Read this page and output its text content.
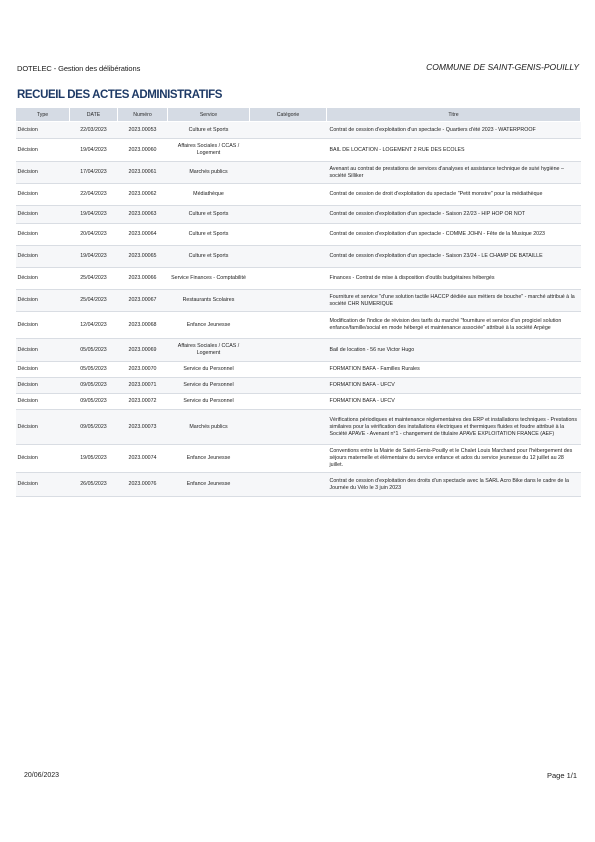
DOTELEC - Gestion des délibérations	COMMUNE DE SAINT-GENIS-POUILLY
RECUEIL DES ACTES ADMINISTRATIFS
Type	DATE	Numéro	Service	Catégorie	Titre
Décision	22/03/2023	2023.00053	Culture et Sports		Contrat de cession d'exploitation d'un spectacle - Quartiers d'été 2023 - WATERPROOF
Décision	19/04/2023	2023.00060	Affaires Sociales / CCAS / Logement		BAIL DE LOCATION - LOGEMENT 2 RUE DES ECOLES
Décision	17/04/2023	2023.00061	Marchés publics		Avenant au contrat de prestations de services d'analyses et assistance technique de suivi hygiène – société Silliker
Décision	22/04/2023	2023.00062	Médiathèque		Contrat de cession de droit d'exploitation du spectacle "Petit monstre" pour la médiathèque
Décision	19/04/2023	2023.00063	Culture et Sports		Contrat de cession d'exploitation d'un spectacle - Saison 22/23 - HIP HOP OR NOT
Décision	20/04/2023	2023.00064	Culture et Sports		Contrat de cession d'exploitation d'un spectacle - COMME JOHN - Fête de la Musique 2023
Décision	19/04/2023	2023.00065	Culture et Sports		Contrat de cession d'exploitation d'un spectacle - Saison 23/24 - LE CHAMP DE BATAILLE
Décision	25/04/2023	2023.00066	Service Finances - Comptabilité		Finances - Contrat de mise à disposition d'outils budgétaires hébergés
Décision	25/04/2023	2023.00067	Restaurants Scolaires		Fourniture et service "d'une solution tactile HACCP dédiée aux métiers de bouche" - marché attribué à la société CHR NUMERIQUE
Décision	12/04/2023	2023.00068	Enfance Jeunesse		Modification de l'indice de révision des tarifs du marché "fourniture et service d'un progiciel solution enfance/famille/social en mode hébergé et maintenance associée" attribué à la société Arpège
Décision	05/05/2023	2023.00069	Affaires Sociales / CCAS / Logement		Bail de location - 56 rue Victor Hugo
Décision	05/05/2023	2023.00070	Service du Personnel		FORMATION BAFA - Familles Rurales
Décision	09/05/2023	2023.00071	Service du Personnel		FORMATION BAFA - UFCV
Décision	09/05/2023	2023.00072	Service du Personnel		FORMATION BAFA - UFCV
Décision	09/05/2023	2023.00073	Marchés publics		Vérifications périodiques et maintenance réglementaires des ERP et installations techniques - Prestations similaires pour la vérification des installations électriques et thermiques fluides et foudre attribué à la Société APAVE - Avenant n°1 - changement de titulaire APAVE EXPLOITATION FRANCE (AEF)
Décision	19/05/2023	2023.00074	Enfance Jeunesse		Conventions entre la Mairie de Saint-Genis-Pouilly et le Chalet Louis Marchand pour l'hébergement des séjours maternelle et élémentaire du service enfance et ados du service jeunesse du 12 juillet au 28 juillet.
Décision	26/05/2023	2023.00076	Enfance Jeunesse		Contrat de cession d'exploitation des droits d'un spectacle avec la SARL Acro Bike dans le cadre de la Journée du Vélo le 3 juin 2023
20/06/2023	Page 1/1
